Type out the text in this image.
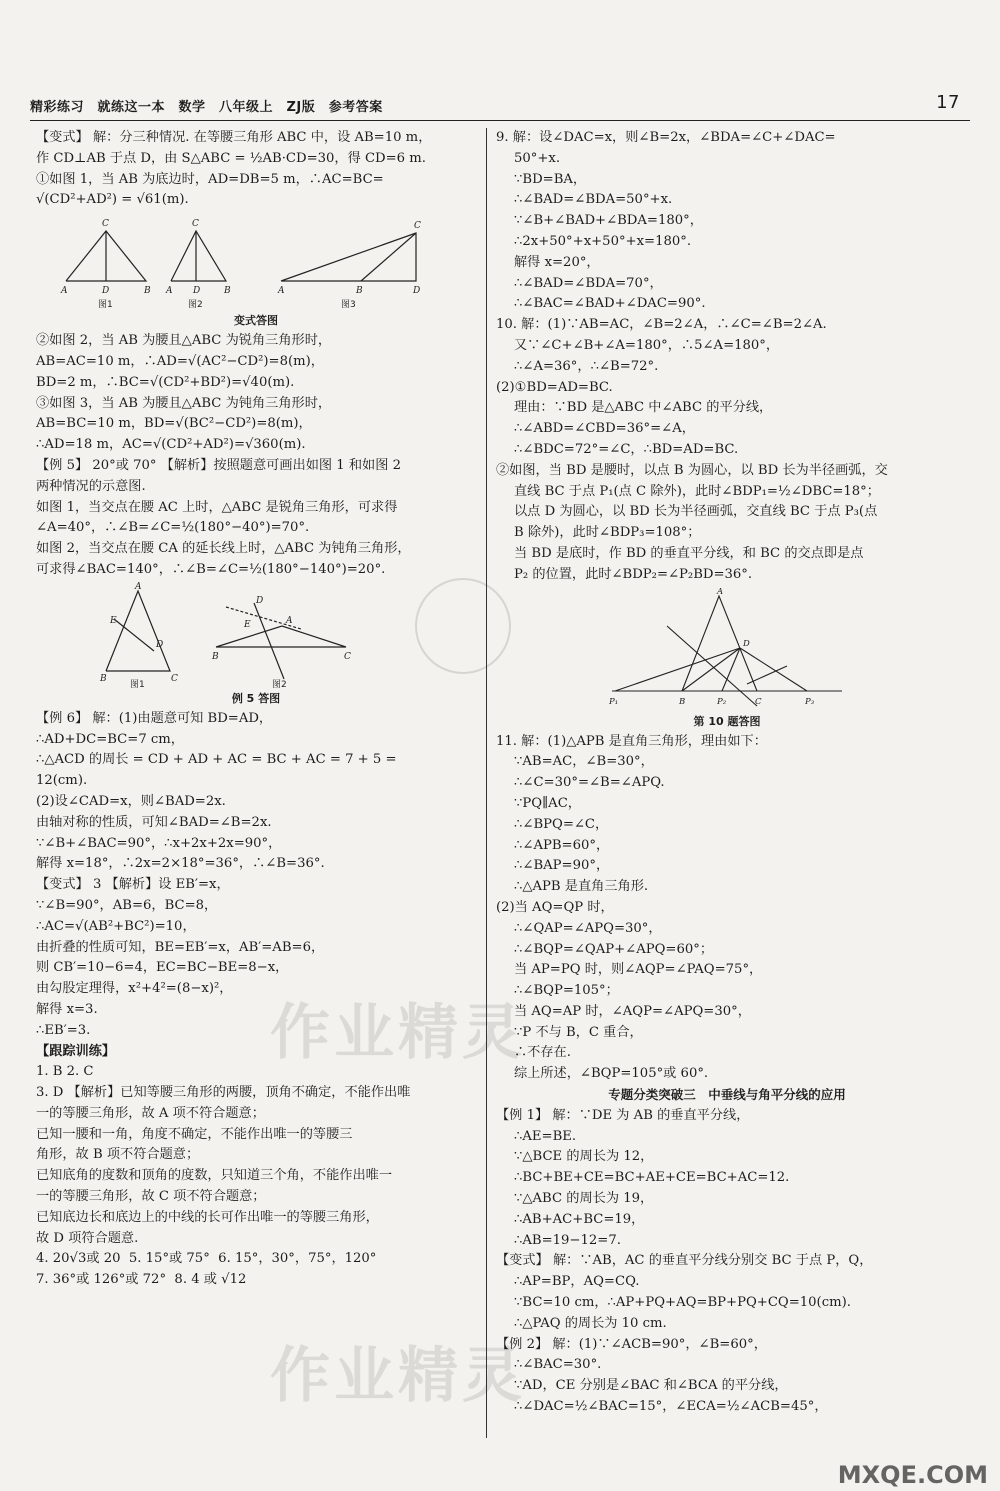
精彩练习　就练这一本　数学　八年级上　ZJ版　参考答案	17
【变式】 解：分三种情况. 在等腰三角形 ABC 中，设 AB=10 m，
作 CD⊥AB 于点 D，由 S△ABC = ½AB·CD=30，得 CD=6 m.
①如图 1，当 AB 为底边时，AD=DB=5 m，∴AC=BC=
√(CD²+AD²) = √61(m).
C
A	D	B
C
A D	B
C
A	B	D
图1	图2	图3
变式答图
②如图 2，当 AB 为腰且△ABC 为锐角三角形时，
AB=AC=10 m，∴AD=√(AC²−CD²)=8(m)，
BD=2 m，∴BC=√(CD²+BD²)=√40(m).
③如图 3，当 AB 为腰且△ABC 为钝角三角形时，
AB=BC=10 m，BD=√(BC²−CD²)=8(m)，
∴AD=18 m，AC=√(CD²+AD²)=√360(m).
【例 5】 20°或 70° 【解析】按照题意可画出如图 1 和如图 2
两种情况的示意图.
如图 1，当交点在腰 AC 上时，△ABC 是锐角三角形，可求得
∠A=40°，∴∠B=∠C=½(180°−40°)=70°.
如图 2，当交点在腰 CA 的延长线上时，△ABC 为钝角三角形，
可求得∠BAC=140°，∴∠B=∠C=½(180°−140°)=20°.
A
E
D
B	C
A
E
D
B	C
图1	图2
例 5 答图
【例 6】 解：(1)由题意可知 BD=AD，
∴AD+DC=BC=7 cm，
∴△ACD 的周长 = CD + AD + AC = BC + AC = 7 + 5 =
12(cm).
(2)设∠CAD=x，则∠BAD=2x.
由轴对称的性质，可知∠BAD=∠B=2x.
∵∠B+∠BAC=90°，∴x+2x+2x=90°，
解得 x=18°，∴2x=2×18°=36°，∴∠B=36°.
【变式】 3 【解析】设 EB′=x，
∵∠B=90°，AB=6，BC=8，
∴AC=√(AB²+BC²)=10，
由折叠的性质可知，BE=EB′=x，AB′=AB=6，
则 CB′=10−6=4，EC=BC−BE=8−x，
由勾股定理得，x²+4²=(8−x)²，
解得 x=3.
∴EB′=3.
【跟踪训练】
1. B 2. C
3. D 【解析】已知等腰三角形的两腰，顶角不确定，不能作出唯
一的等腰三角形，故 A 项不符合题意；
已知一腰和一角，角度不确定，不能作出唯一的等腰三
角形，故 B 项不符合题意；
已知底角的度数和顶角的度数，只知道三个角，不能作出唯一
一的等腰三角形，故 C 项不符合题意；
已知底边长和底边上的中线的长可作出唯一的等腰三角形，
故 D 项符合题意.
4. 20√3或 20  5. 15°或 75°  6. 15°，30°，75°，120°
7. 36°或 126°或 72°  8. 4 或 √12
9. 解：设∠DAC=x，则∠B=2x，∠BDA=∠C+∠DAC=
50°+x.
∵BD=BA，
∴∠BAD=∠BDA=50°+x.
∵∠B+∠BAD+∠BDA=180°，
∴2x+50°+x+50°+x=180°.
解得 x=20°，
∴∠BAD=∠BDA=70°，
∴∠BAC=∠BAD+∠DAC=90°.
10. 解：(1)∵AB=AC，∠B=2∠A，∴∠C=∠B=2∠A.
又∵∠C+∠B+∠A=180°，∴5∠A=180°，
∴∠A=36°，∴∠B=72°.
(2)①BD=AD=BC.
理由：∵BD 是△ABC 中∠ABC 的平分线，
∴∠ABD=∠CBD=36°=∠A，
∴∠BDC=72°=∠C，∴BD=AD=BC.
②如图，当 BD 是腰时，以点 B 为圆心，以 BD 长为半径画弧，交
直线 BC 于点 P₁(点 C 除外)，此时∠BDP₁=½∠DBC=18°；
以点 D 为圆心，以 BD 长为半径画弧，交直线 BC 于点 P₃(点
B 除外)，此时∠BDP₃=108°；
当 BD 是底时，作 BD 的垂直平分线，和 BC 的交点即是点
P₂ 的位置，此时∠BDP₂=∠P₂BD=36°.
A
D
P₁	B	P₂	C	P₃
第 10 题答图
11. 解：(1)△APB 是直角三角形，理由如下：
∵AB=AC，∠B=30°，
∴∠C=30°=∠B=∠APQ.
∵PQ∥AC，
∴∠BPQ=∠C，
∴∠APB=60°，
∴∠BAP=90°，
∴△APB 是直角三角形.
(2)当 AQ=QP 时，
∴∠QAP=∠APQ=30°，
∴∠BQP=∠QAP+∠APQ=60°；
当 AP=PQ 时，则∠AQP=∠PAQ=75°，
∴∠BQP=105°；
当 AQ=AP 时，∠AQP=∠APQ=30°，
∵P 不与 B，C 重合，
∴不存在.
综上所述，∠BQP=105°或 60°.
专题分类突破三　中垂线与角平分线的应用
【例 1】 解：∵DE 为 AB 的垂直平分线，
∴AE=BE.
∵△BCE 的周长为 12，
∴BC+BE+CE=BC+AE+CE=BC+AC=12.
∵△ABC 的周长为 19，
∴AB+AC+BC=19，
∴AB=19−12=7.
【变式】 解：∵AB，AC 的垂直平分线分别交 BC 于点 P，Q，
∴AP=BP，AQ=CQ.
∵BC=10 cm，∴AP+PQ+AQ=BP+PQ+CQ=10(cm).
∴△PAQ 的周长为 10 cm.
【例 2】 解：(1)∵∠ACB=90°，∠B=60°，
∴∠BAC=30°.
∵AD，CE 分别是∠BAC 和∠BCA 的平分线，
∴∠DAC=½∠BAC=15°，∠ECA=½∠ACB=45°，
作业精灵
作业精灵
MXQE.COM
